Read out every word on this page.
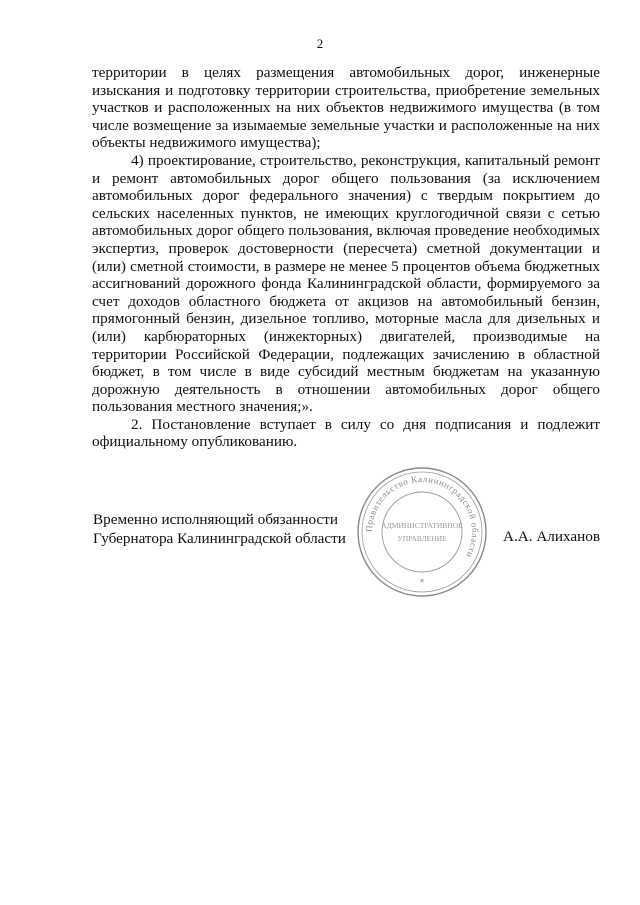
2

территории в целях размещения автомобильных дорог, инженерные изыскания и подготовку территории строительства, приобретение земельных участков и расположенных на них объектов недвижимого имущества (в том числе возмещение за изымаемые земельные участки и расположенные на них объекты недвижимого имущества);

4) проектирование, строительство, реконструкция, капитальный ремонт и ремонт автомобильных дорог общего пользования (за исключением автомобильных дорог федерального значения) с твердым покрытием до сельских населенных пунктов, не имеющих круглогодичной связи с сетью автомобильных дорог общего пользования, включая проведение необходимых экспертиз, проверок достоверности (пересчета) сметной документации и (или) сметной стоимости, в размере не менее 5 процентов объема бюджетных ассигнований дорожного фонда Калининградской области, формируемого за счет доходов областного бюджета от акцизов на автомобильный бензин, прямогонный бензин, дизельное топливо, моторные масла для дизельных и (или) карбюраторных (инжекторных) двигателей, производимые на территории Российской Федерации, подлежащих зачислению в областной бюджет, в том числе в виде субсидий местным бюджетам на указанную дорожную деятельность в отношении автомобильных дорог общего пользования местного значения;».

2. Постановление вступает в силу со дня подписания и подлежит официальному опубликованию.

Временно исполняющий обязанности
Губернатора Калининградской области
Правительство Калининградской области
АДМИНИСТРАТИВНОЕ
УПРАВЛЕНИЕ
*
А.А. Алиханов
